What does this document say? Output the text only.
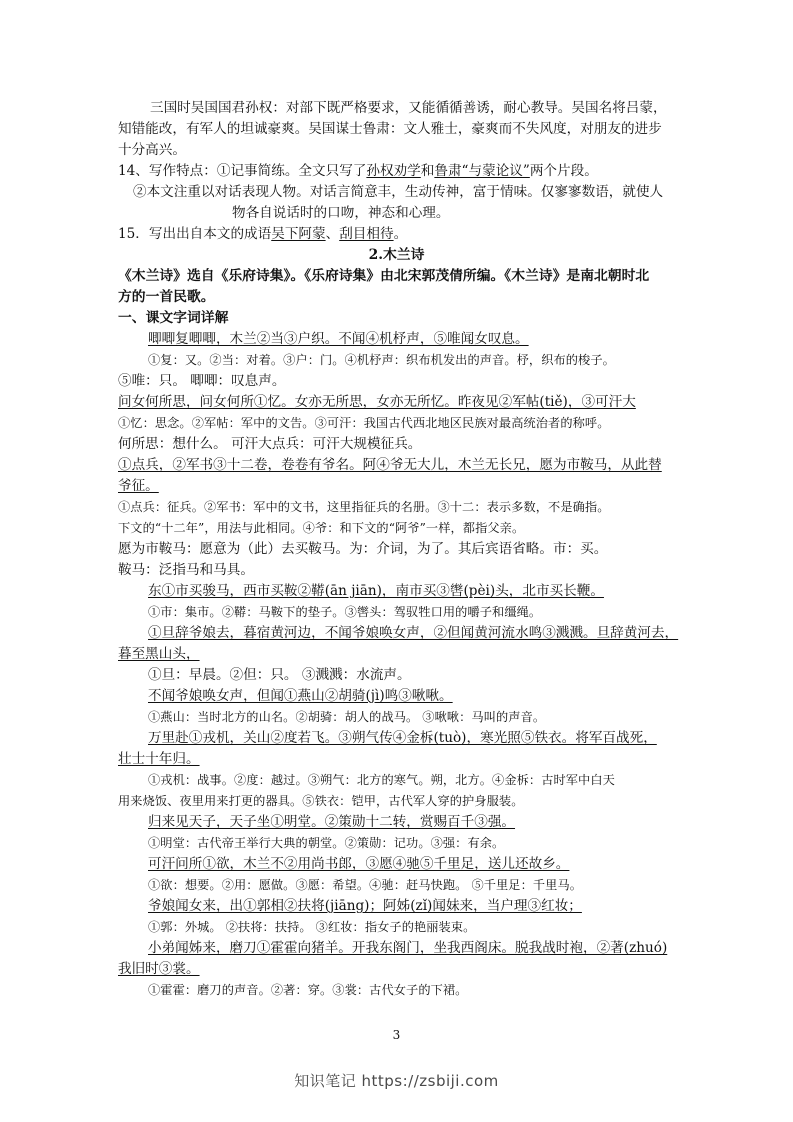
三国时吴国国君孙权：对部下既严格要求，又能循循善诱，耐心教导。吴国名将吕蒙，
知错能改，有军人的坦诚豪爽。吴国谋士鲁肃：文人雅士，豪爽而不失风度，对朋友的进步
十分高兴。
14、写作特点：①记事简练。全文只写了孙权劝学和鲁肃“与蒙论议”两个片段。
②本文注重以对话表现人物。对话言简意丰，生动传神，富于情味。仅寥寥数语，就使人
物各自说话时的口吻，神态和心理。
15．写出出自本文的成语吴下阿蒙、刮目相待。
2.木兰诗
《木兰诗》选自《乐府诗集》。《乐府诗集》由北宋郭茂倩所编。《木兰诗》是南北朝时北
方的一首民歌。
一、课文字词详解
唧唧复唧唧，木兰②当③户织。不闻④机杼声，⑤唯闻女叹息。
①复：又。②当：对着。③户：门。④机杼声：织布机发出的声音。杼，织布的梭子。
⑤唯：只。 唧唧：叹息声。
问女何所思，问女何所①忆。女亦无所思，女亦无所忆。昨夜见②军帖(tiě)，③可汗大
①忆：思念。②军帖：军中的文告。③可汗：我国古代西北地区民族对最高统治者的称呼。
何所思：想什么。 可汗大点兵：可汗大规模征兵。
①点兵，②军书③十二卷，卷卷有爷名。阿④爷无大儿，木兰无长兄，愿为市鞍马，从此替
爷征。
①点兵：征兵。②军书：军中的文书，这里指征兵的名册。③十二：表示多数，不是确指。
下文的“十二年”，用法与此相同。④爷：和下文的“阿爷”一样，都指父亲。
愿为市鞍马：愿意为（此）去买鞍马。为：介词，为了。其后宾语省略。市：买。
鞍马：泛指马和马具。
东①市买骏马，西市买鞍②鞯(ān jiān)，南市买③辔(pèi)头，北市买长鞭。
①市：集市。②鞯：马鞍下的垫子。③辔头：驾驭牲口用的嚼子和缰绳。
①旦辞爷娘去，暮宿黄河边，不闻爷娘唤女声，②但闻黄河流水鸣③溅溅。旦辞黄河去，
暮至黑山头，
①旦：早晨。②但：只。 ③溅溅：水流声。
不闻爷娘唤女声，但闻①燕山②胡骑(jì)鸣③啾啾。
①燕山：当时北方的山名。②胡骑：胡人的战马。 ③啾啾：马叫的声音。
万里赴①戎机，关山②度若飞。③朔气传④金柝(tuò)，寒光照⑤铁衣。将军百战死，
壮士十年归。
①戎机：战事。②度：越过。③朔气：北方的寒气。朔，北方。④金柝：古时军中白天
用来烧饭、夜里用来打更的器具。⑤铁衣：铠甲，古代军人穿的护身服装。
归来见天子，天子坐①明堂。②策勋十二转，赏赐百千③强。
①明堂：古代帝王举行大典的朝堂。②策勋：记功。③强：有余。
可汗问所①欲，木兰不②用尚书郎，③愿④驰⑤千里足，送儿还故乡。
①欲：想要。②用：愿做。③愿：希望。④驰：赶马快跑。 ⑤千里足：千里马。
爷娘闻女来，出①郭相②扶将(jiāng)；阿姊(zǐ)闻妹来，当户理③红妆；
①郭：外城。 ②扶将：扶持。 ③红妆：指女子的艳丽装束。
小弟闻姊来，磨刀①霍霍向猪羊。开我东阁门，坐我西阁床。脱我战时袍，②著(zhuó)
我旧时③裳。
①霍霍：磨刀的声音。②著：穿。③裳：古代女子的下裙。
3
知识笔记 https://zsbiji.com
